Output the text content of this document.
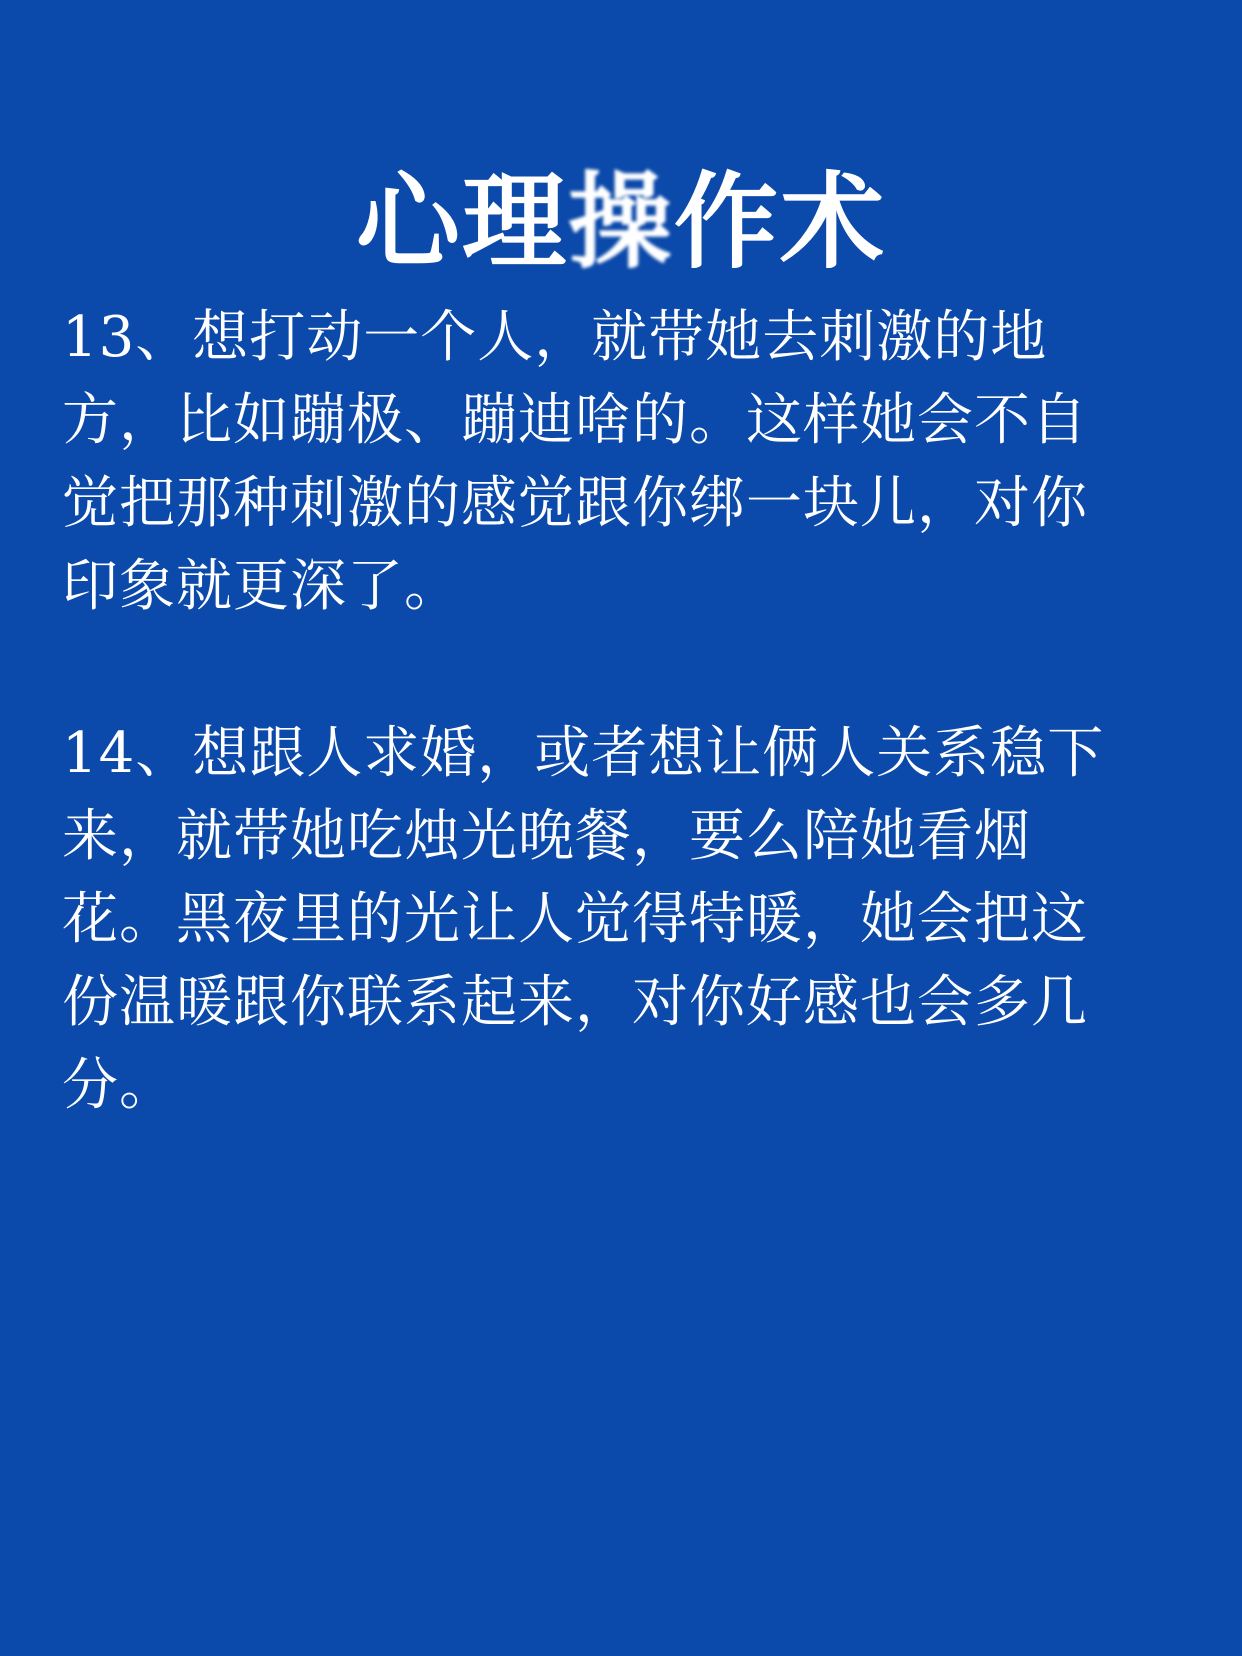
心理操作术
13、想打动一个人，就带她去刺激的地
方，比如蹦极、蹦迪啥的。这样她会不自
觉把那种刺激的感觉跟你绑一块儿，对你
印象就更深了。
14、想跟人求婚，或者想让俩人关系稳下
来，就带她吃烛光晚餐，要么陪她看烟
花。黑夜里的光让人觉得特暖，她会把这
份温暖跟你联系起来，对你好感也会多几
分。
